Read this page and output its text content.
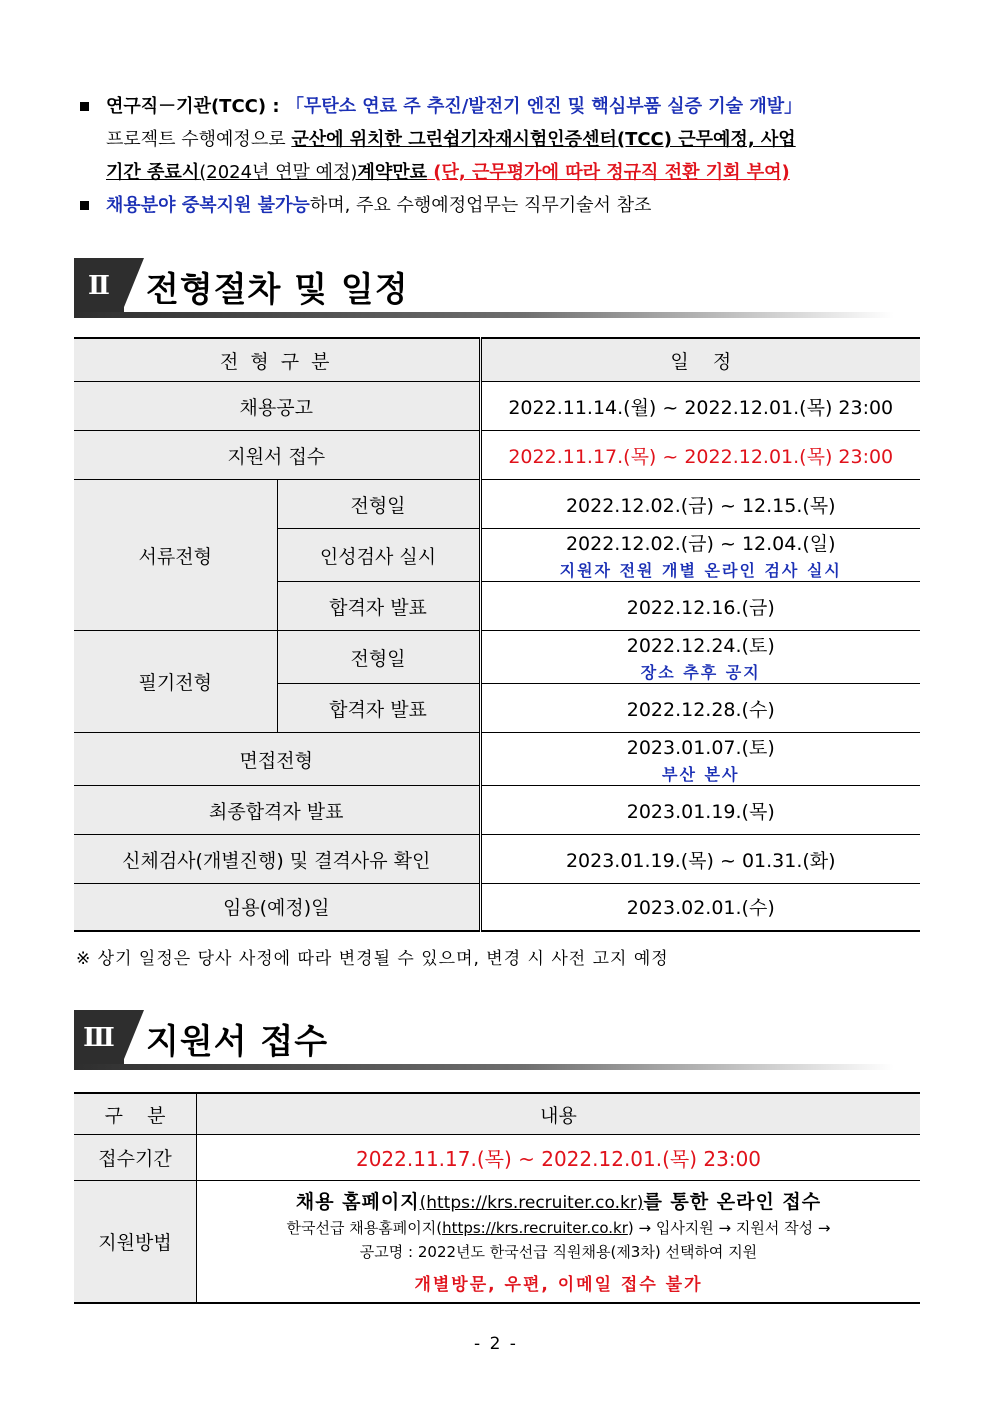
연구직－기관(TCC) : 「무탄소 연료 주 추진/발전기 엔진 및 핵심부품 실증 기술 개발」
프로젝트 수행예정으로 군산에 위치한 그린쉽기자재시험인증센터(TCC) 근무예정, 사업
기간 종료시(2024년 연말 예정)계약만료 (단, 근무평가에 따라 정규직 전환 기회 부여)
채용분야 중복지원 불가능하며, 주요 수행예정업무는 직무기술서 참조
Ⅱ	전형절차 및 일정
전 형 구 분		일    정
채용공고		2022.11.14.(월) ~ 2022.12.01.(목) 23:00
지원서 접수		2022.11.17.(목) ~ 2022.12.01.(목) 23:00
서류전형	전형일	2022.12.02.(금) ~ 12.15.(목)
	인성검사 실시	2022.12.02.(금) ~ 12.04.(일)
지원자 전원 개별 온라인 검사 실시

	합격자 발표	2022.12.16.(금)
필기전형	전형일	2022.12.24.(토)
장소 추후 공지

	합격자 발표	2022.12.28.(수)
면접전형		2023.01.07.(토)
부산 본사

최종합격자 발표		2023.01.19.(목)
신체검사(개별진행) 및 결격사유 확인		2023.01.19.(목) ~ 01.31.(화)
임용(예정)일		2023.02.01.(수)
※ 상기 일정은 당사 사정에 따라 변경될 수 있으며, 변경 시 사전 고지 예정
Ⅲ 지원서 접수
구    분	내용
접수기간	2022.11.17.(목) ~ 2022.12.01.(목) 23:00
지원방법	채용 홈페이지(https://krs.recruiter.co.kr)를 통한 온라인 접수
한국선급 채용홈페이지(https://krs.recruiter.co.kr) → 입사지원 → 지원서 작성 →
공고명 : 2022년도 한국선급 직원채용(제3차) 선택하여 지원
개별방문, 우편, 이메일 접수 불가
- 2 -
